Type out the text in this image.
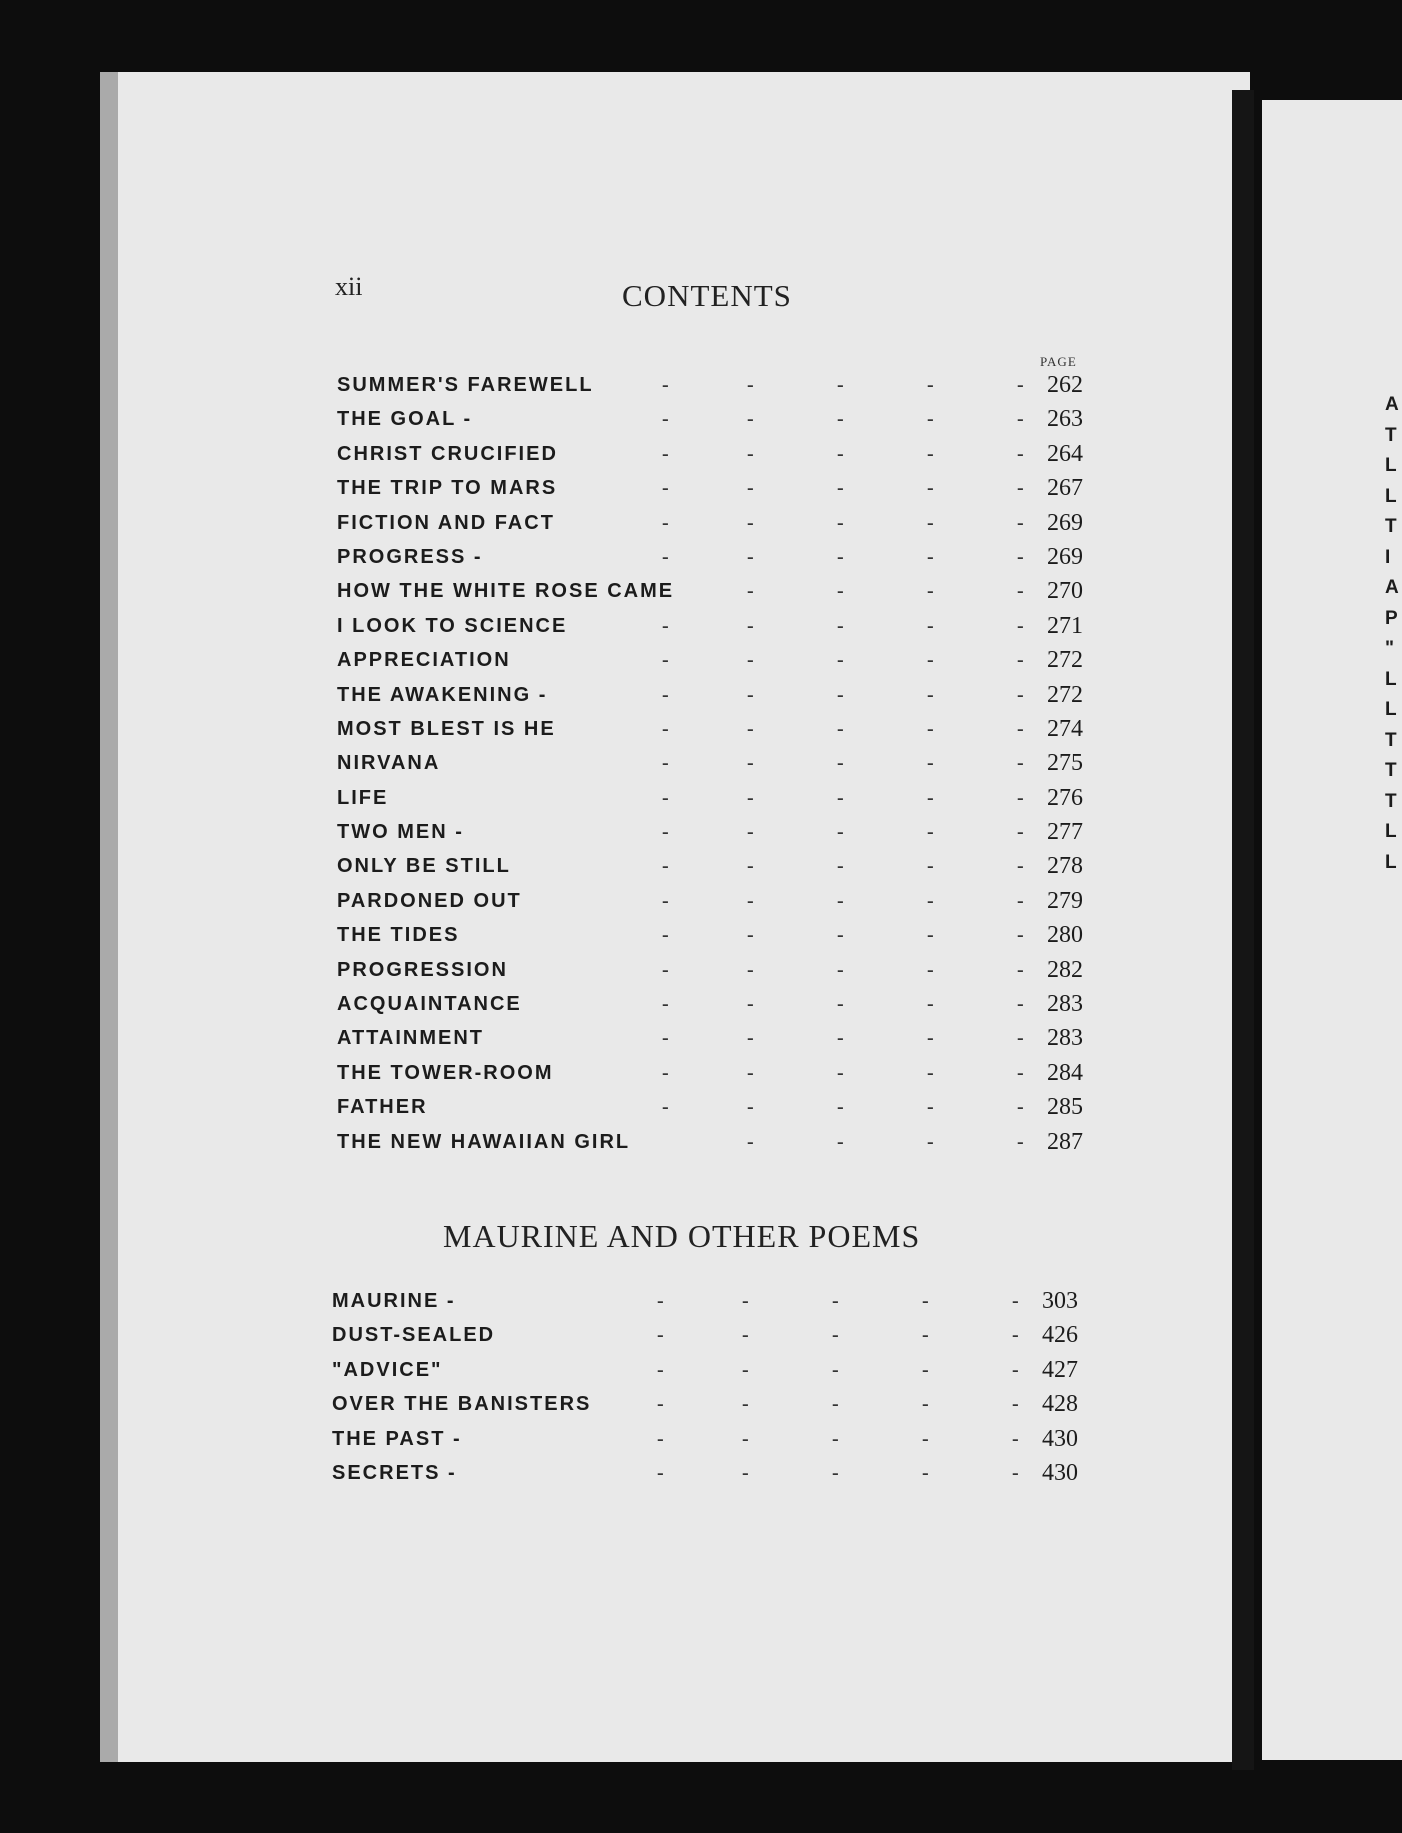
xii	CONTENTS
PAGE
SUMMER'S FAREWELL	-	-	-	-	- 262
THE GOAL -	-	-	-	-	- 263
CHRIST CRUCIFIED	-	-	-	-	- 264
THE TRIP TO MARS	-	-	-	-	- 267
FICTION AND FACT	-	-	-	-	- 269
PROGRESS -	-	-	-	-	- 269
HOW THE WHITE ROSE CAME	-	-	-	- 270
I LOOK TO SCIENCE	-	-	-	-	- 271
APPRECIATION	-	-	-	-	- 272
THE AWAKENING -	-	-	-	-	- 272
MOST BLEST IS HE	-	-	-	-	- 274
NIRVANA	-	-	-	-	- 275
LIFE	-	-	-	-	- 276
TWO MEN -	-	-	-	-	- 277
ONLY BE STILL	-	-	-	-	- 278
PARDONED OUT	-	-	-	-	- 279
THE TIDES	-	-	-	-	- 280
PROGRESSION	-	-	-	-	- 282
ACQUAINTANCE	-	-	-	-	- 283
ATTAINMENT	-	-	-	-	- 283
THE TOWER-ROOM	-	-	-	-	- 284
FATHER	-	-	-	-	- 285
THE NEW HAWAIIAN GIRL	-	-	-	- 287
MAURINE AND OTHER POEMS
MAURINE -	-	-	-	-	- 303
DUST-SEALED	-	-	-	-	- 426
"ADVICE"	-	-	-	-	- 427
OVER THE BANISTERS	-	-	-	-	- 428
THE PAST -	-	-	-	-	- 430
SECRETS -	-	-	-	-	- 430
A
T
L
L
T
I
A
P
"
L
L
T
T
T
L
L
